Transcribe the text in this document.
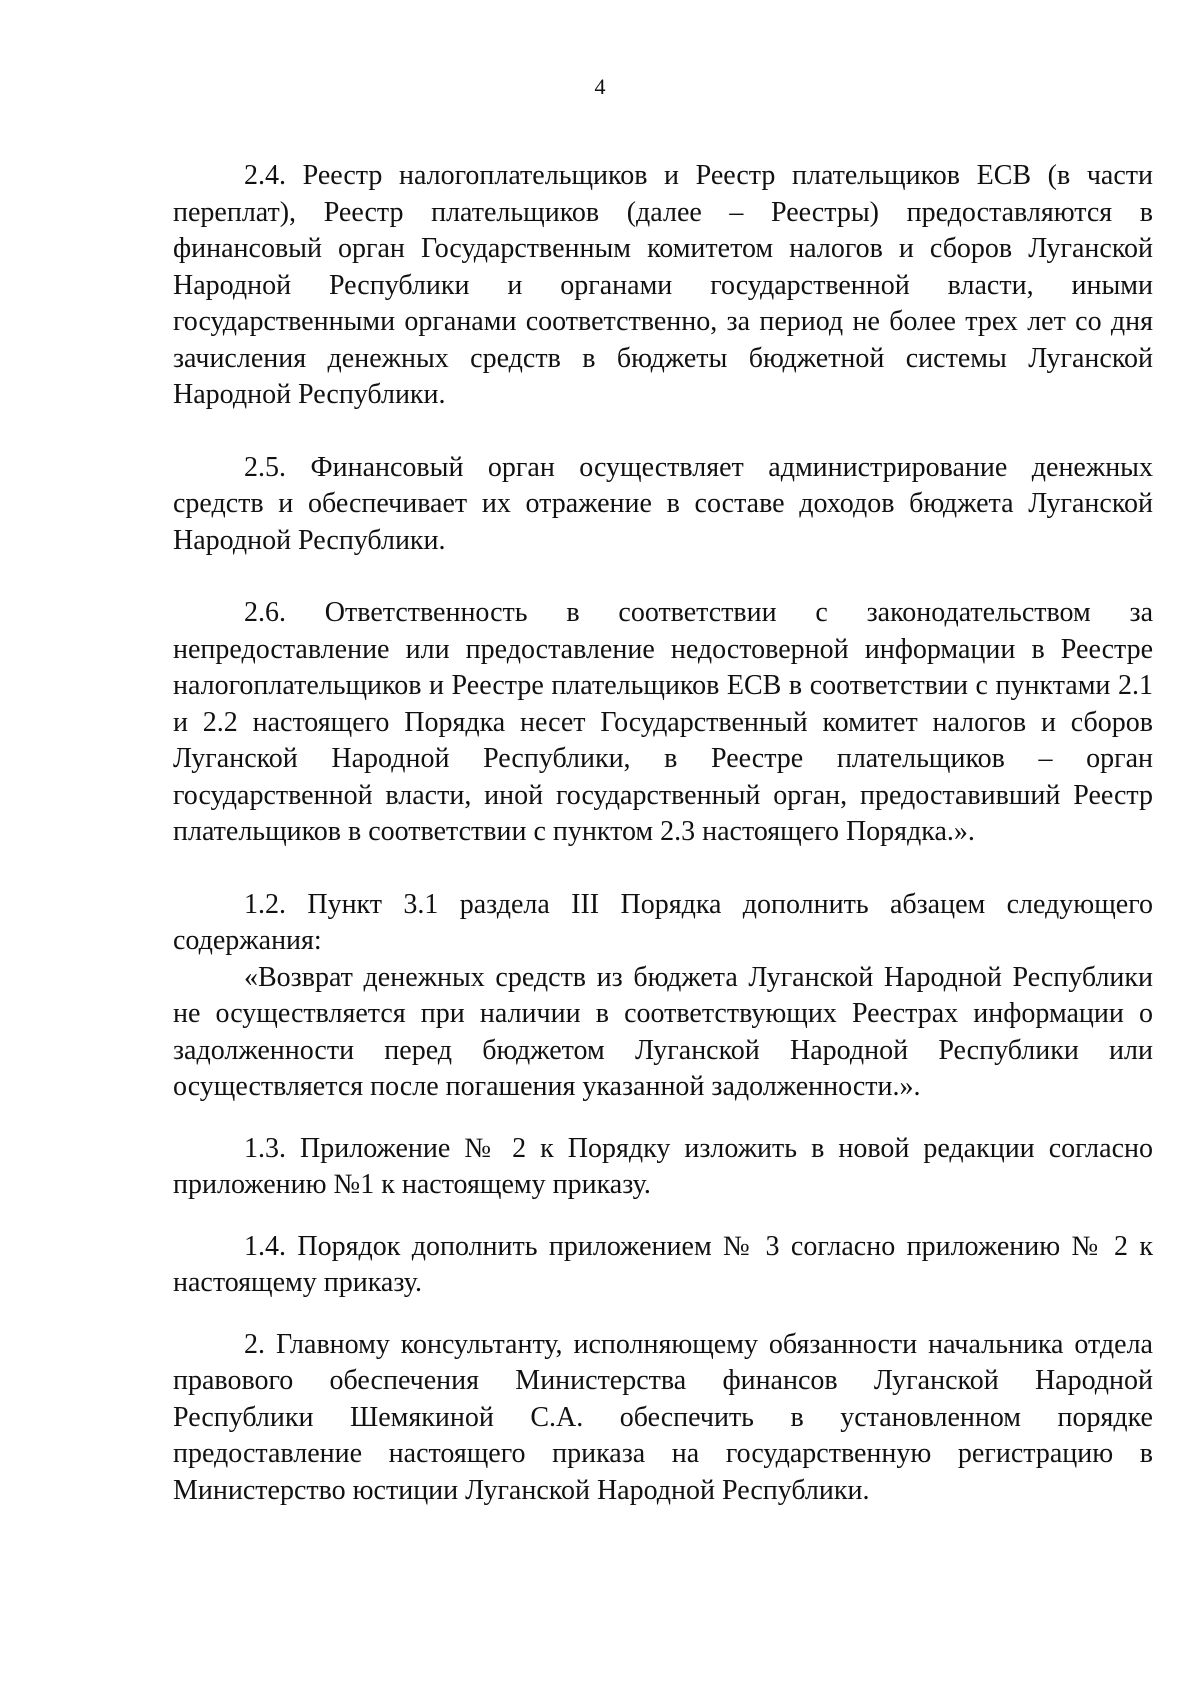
4

2.4. Реестр налогоплательщиков и Реестр плательщиков ЕСВ (в части переплат), Реестр плательщиков (далее – Реестры) предоставляются в финансовый орган Государственным комитетом налогов и сборов Луганской Народной Республики и органами государственной власти, иными государственными органами соответственно, за период не более трех лет со дня зачисления денежных средств в бюджеты бюджетной системы Луганской Народной Республики.

2.5. Финансовый орган осуществляет администрирование денежных средств и обеспечивает их отражение в составе доходов бюджета Луганской Народной Республики.

2.6. Ответственность в соответствии с законодательством за непредоставление или предоставление недостоверной информации в Реестре налогоплательщиков и Реестре плательщиков ЕСВ в соответствии с пунктами 2.1 и 2.2 настоящего Порядка несет Государственный комитет налогов и сборов Луганской Народной Республики, в Реестре плательщиков – орган государственной власти, иной государственный орган, предоставивший Реестр плательщиков в соответствии с пунктом 2.3 настоящего Порядка.».

1.2. Пункт 3.1 раздела III Порядка дополнить абзацем следующего содержания:

«Возврат денежных средств из бюджета Луганской Народной Республики не осуществляется при наличии в соответствующих Реестрах информации о задолженности перед бюджетом Луганской Народной Республики или осуществляется после погашения указанной задолженности.».

1.3. Приложение № 2 к Порядку изложить в новой редакции согласно приложению №1 к настоящему приказу.

1.4. Порядок дополнить приложением № 3 согласно приложению № 2 к настоящему приказу.

2. Главному консультанту, исполняющему обязанности начальника отдела правового обеспечения Министерства финансов Луганской Народной Республики Шемякиной С.А. обеспечить в установленном порядке предоставление настоящего приказа на государственную регистрацию в Министерство юстиции Луганской Народной Республики.
